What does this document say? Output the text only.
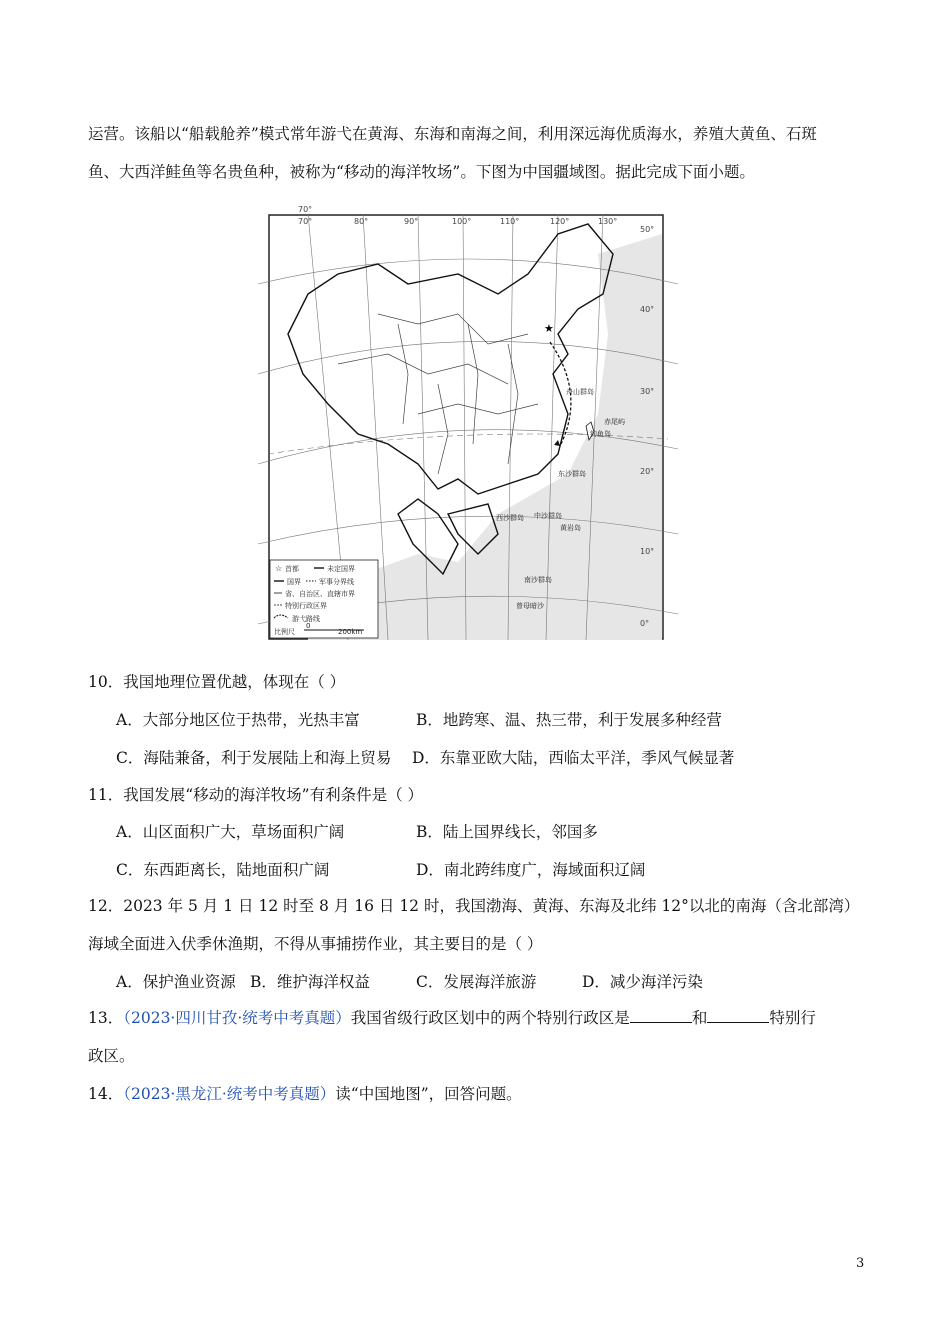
运营。该船以“船载舱养”模式常年游弋在黄海、东海和南海之间，利用深远海优质海水，养殖大黄鱼、石斑
鱼、大西洋鲑鱼等名贵鱼种，被称为“移动的海洋牧场”。下图为中国疆域图。据此完成下面小题。
★
舟山群岛
赤尾屿
钓鱼岛
东沙群岛
西沙群岛 中沙群岛
黄岩岛
南沙群岛
曾母暗沙
70°
70°	80°	90°	100°	110°	120°	130°
50°
40°
30°
20°
10°
0°
☆ 首都	未定国界
国界	军事分界线
省、自治区、直辖市界
特别行政区界
游弋路线
比例尺
0
200km
10．我国地理位置优越，体现在（ ）
A．大部分地区位于热带，光热丰富	B．地跨寒、温、热三带，利于发展多种经营
C．海陆兼备，利于发展陆上和海上贸易 D．东靠亚欧大陆，西临太平洋，季风气候显著
11．我国发展“移动的海洋牧场”有利条件是（ ）
A．山区面积广大，草场面积广阔	B．陆上国界线长，邻国多
C．东西距离长，陆地面积广阔	D．南北跨纬度广，海域面积辽阔
12．2023 年 5 月 1 日 12 时至 8 月 16 日 12 时，我国渤海、黄海、东海及北纬 12°以北的南海（含北部湾）
海域全面进入伏季休渔期，不得从事捕捞作业，其主要目的是（ ）
A．保护渔业资源 B．维护海洋权益	C．发展海洋旅游	D．减少海洋污染
13．（2023·四川甘孜·统考中考真题）我国省级行政区划中的两个特别行政区是	和	特别行
政区。
14．（2023·黑龙江·统考中考真题）读“中国地图”，回答问题。
3
